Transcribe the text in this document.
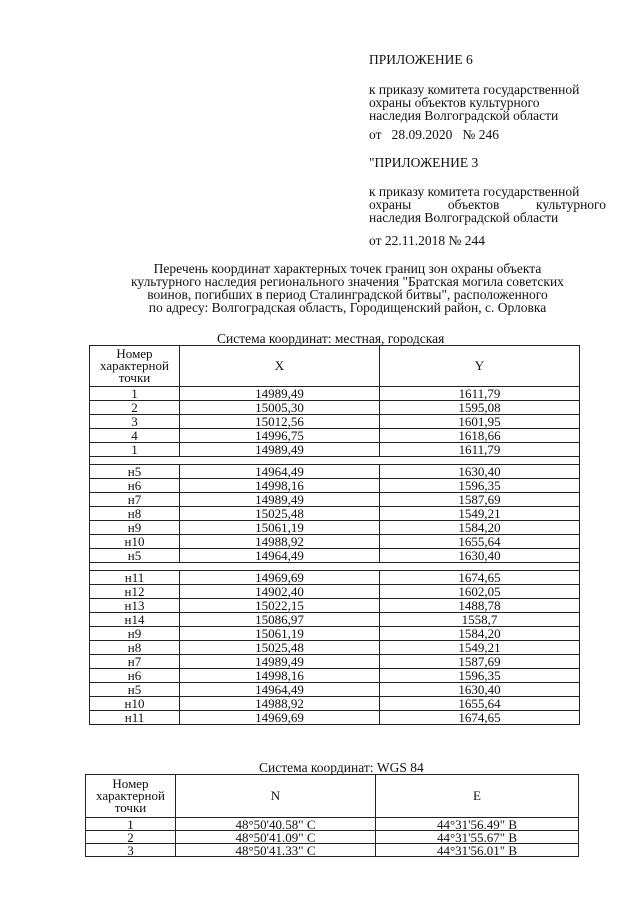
ПРИЛОЖЕНИЕ 6
к приказу комитета государственной
охраны объектов культурного
наследия Волгоградской области
от   28.09.2020   № 246
"ПРИЛОЖЕНИЕ 3
к приказу комитета государственной
охраны      объектов      культурного
наследия Волгоградской области
от 22.11.2018 № 244
Перечень координат характерных точек границ зон охраны объекта
культурного наследия регионального значения "Братская могила советских
воинов, погибших в период Сталинградской битвы", расположенного
по адресу: Волгоградская область, Городищенский район, с. Орловка
Система координат: местная, городская
Номер характерной точки	X	Y
1	14989,49	1611,79
2	15005,30	1595,08
3	15012,56	1601,95
4	14996,75	1618,66
1	14989,49	1611,79

н5	14964,49	1630,40
н6	14998,16	1596,35
н7	14989,49	1587,69
н8	15025,48	1549,21
н9	15061,19	1584,20
н10	14988,92	1655,64
н5	14964,49	1630,40

н11	14969,69	1674,65
н12	14902,40	1602,05
н13	15022,15	1488,78
н14	15086,97	1558,7
н9	15061,19	1584,20
н8	15025,48	1549,21
н7	14989,49	1587,69
н6	14998,16	1596,35
н5	14964,49	1630,40
н10	14988,92	1655,64
н11	14969,69	1674,65
Система координат: WGS 84
Номер характерной точки	N	E
1	48°50'40.58" С	44°31'56.49" В
2	48°50'41.09" С	44°31'55.67" В
3	48°50'41.33" С	44°31'56.01" В
